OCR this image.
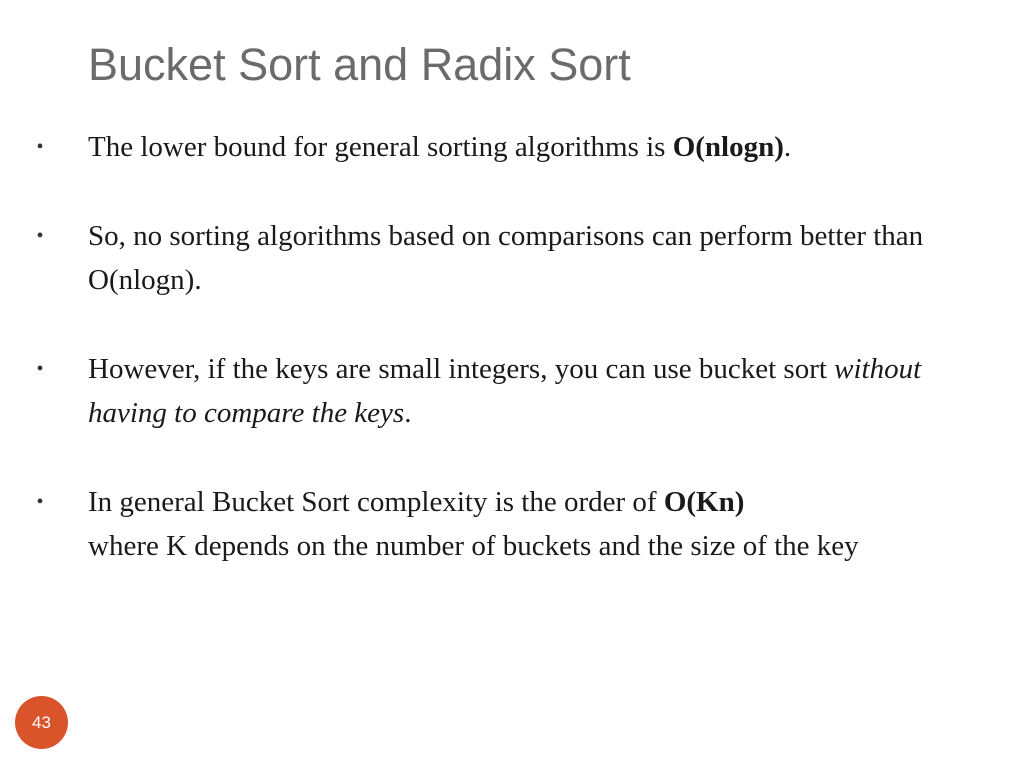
Bucket Sort and Radix Sort
• The lower bound for general sorting algorithms is O(nlogn).
• So, no sorting algorithms based on comparisons can perform better than O(nlogn).
• However, if the keys are small integers, you can use bucket sort without having to compare the keys.
• In general Bucket Sort complexity is the order of O(Kn)
where K depends on the number of buckets and the size of the key
43
